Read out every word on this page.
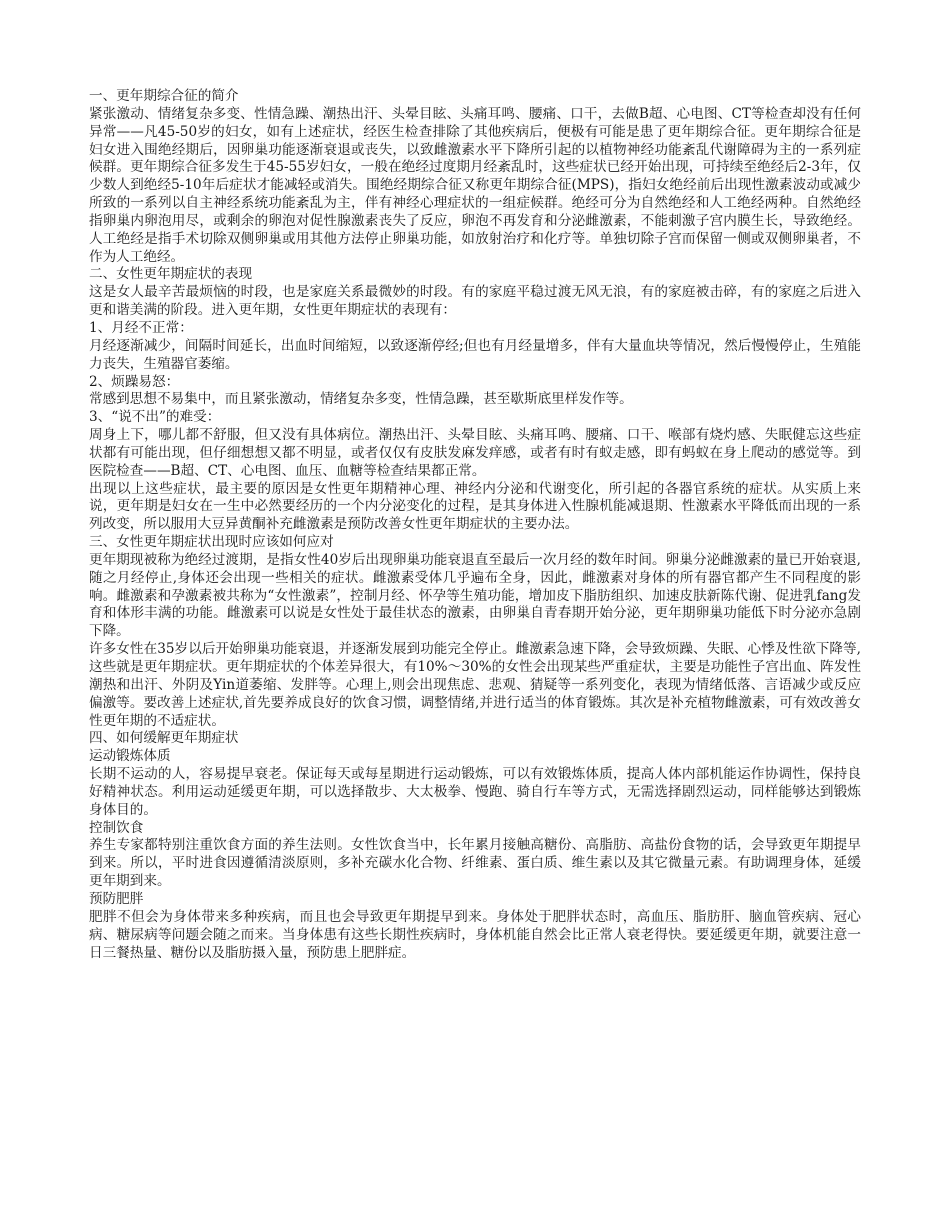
一、更年期综合征的简介

紧张激动、情绪复杂多变、性情急躁、潮热出汗、头晕目眩、头痛耳鸣、腰痛、口干，去做B超、心电图、CT等检查却没有任何异常——凡45-50岁的妇女，如有上述症状，经医生检查排除了其他疾病后，便极有可能是患了更年期综合征。更年期综合征是妇女进入围绝经期后，因卵巢功能逐渐衰退或丧失，以致雌激素水平下降所引起的以植物神经功能紊乱代谢障碍为主的一系列症候群。更年期综合征多发生于45-55岁妇女，一般在绝经过度期月经紊乱时，这些症状已经开始出现，可持续至绝经后2-3年，仅少数人到绝经5-10年后症状才能减轻或消失。围绝经期综合征又称更年期综合征(MPS)，指妇女绝经前后出现性激素波动或减少所致的一系列以自主神经系统功能紊乱为主，伴有神经心理症状的一组症候群。绝经可分为自然绝经和人工绝经两种。自然绝经指卵巢内卵泡用尽，或剩余的卵泡对促性腺激素丧失了反应，卵泡不再发育和分泌雌激素，不能刺激子宫内膜生长，导致绝经。人工绝经是指手术切除双侧卵巢或用其他方法停止卵巢功能，如放射治疗和化疗等。单独切除子宫而保留一侧或双侧卵巢者，不作为人工绝经。

二、女性更年期症状的表现

这是女人最辛苦最烦恼的时段，也是家庭关系最微妙的时段。有的家庭平稳过渡无风无浪，有的家庭被击碎，有的家庭之后进入更和谐美满的阶段。进入更年期，女性更年期症状的表现有：

1、月经不正常：

月经逐渐减少，间隔时间延长，出血时间缩短，以致逐渐停经;但也有月经量增多，伴有大量血块等情况，然后慢慢停止，生殖能力丧失，生殖器官萎缩。

2、烦躁易怒：

常感到思想不易集中，而且紧张激动，情绪复杂多变，性情急躁，甚至歇斯底里样发作等。

3、“说不出”的难受：

周身上下，哪儿都不舒服，但又没有具体病位。潮热出汗、头晕目眩、头痛耳鸣、腰痛、口干、喉部有烧灼感、失眠健忘这些症状都有可能出现，但仔细想想又都不明显，或者仅仅有皮肤发麻发痒感，或者有时有蚁走感，即有蚂蚁在身上爬动的感觉等。到医院检查——B超、CT、心电图、血压、血糖等检查结果都正常。

出现以上这些症状，最主要的原因是女性更年期精神心理、神经内分泌和代谢变化，所引起的各器官系统的症状。从实质上来说，更年期是妇女在一生中必然要经历的一个内分泌变化的过程，是其身体进入性腺机能减退期、性激素水平降低而出现的一系列改变，所以服用大豆异黄酮补充雌激素是预防改善女性更年期症状的主要办法。

三、女性更年期症状出现时应该如何应对

更年期现被称为绝经过渡期，是指女性40岁后出现卵巢功能衰退直至最后一次月经的数年时间。卵巢分泌雌激素的量已开始衰退,随之月经停止,身体还会出现一些相关的症状。雌激素受体几乎遍布全身，因此，雌激素对身体的所有器官都产生不同程度的影响。雌激素和孕激素被共称为“女性激素”，控制月经、怀孕等生殖功能，增加皮下脂肪组织、加速皮肤新陈代谢、促进乳fang发育和体形丰满的功能。雌激素可以说是女性处于最佳状态的激素，由卵巢自青春期开始分泌，更年期卵巢功能低下时分泌亦急剧下降。

许多女性在35岁以后开始卵巢功能衰退，并逐渐发展到功能完全停止。雌激素急速下降，会导致烦躁、失眠、心悸及性欲下降等,这些就是更年期症状。更年期症状的个体差异很大，有10%～30%的女性会出现某些严重症状，主要是功能性子宫出血、阵发性潮热和出汗、外阴及Yin道萎缩、发胖等。心理上,则会出现焦虑、悲观、猜疑等一系列变化，表现为情绪低落、言语减少或反应偏激等。要改善上述症状,首先要养成良好的饮食习惯，调整情绪,并进行适当的体育锻炼。其次是补充植物雌激素，可有效改善女性更年期的不适症状。

四、如何缓解更年期症状

运动锻炼体质

长期不运动的人，容易提早衰老。保证每天或每星期进行运动锻炼，可以有效锻炼体质，提高人体内部机能运作协调性，保持良好精神状态。利用运动延缓更年期，可以选择散步、大太极拳、慢跑、骑自行车等方式，无需选择剧烈运动，同样能够达到锻炼身体目的。

控制饮食

养生专家都特别注重饮食方面的养生法则。女性饮食当中，长年累月接触高糖份、高脂肪、高盐份食物的话，会导致更年期提早到来。所以，平时进食因遵循清淡原则，多补充碳水化合物、纤维素、蛋白质、维生素以及其它微量元素。有助调理身体，延缓更年期到来。

预防肥胖

肥胖不但会为身体带来多种疾病，而且也会导致更年期提早到来。身体处于肥胖状态时，高血压、脂肪肝、脑血管疾病、冠心病、糖尿病等问题会随之而来。当身体患有这些长期性疾病时，身体机能自然会比正常人衰老得快。要延缓更年期，就要注意一日三餐热量、糖份以及脂肪摄入量，预防患上肥胖症。
